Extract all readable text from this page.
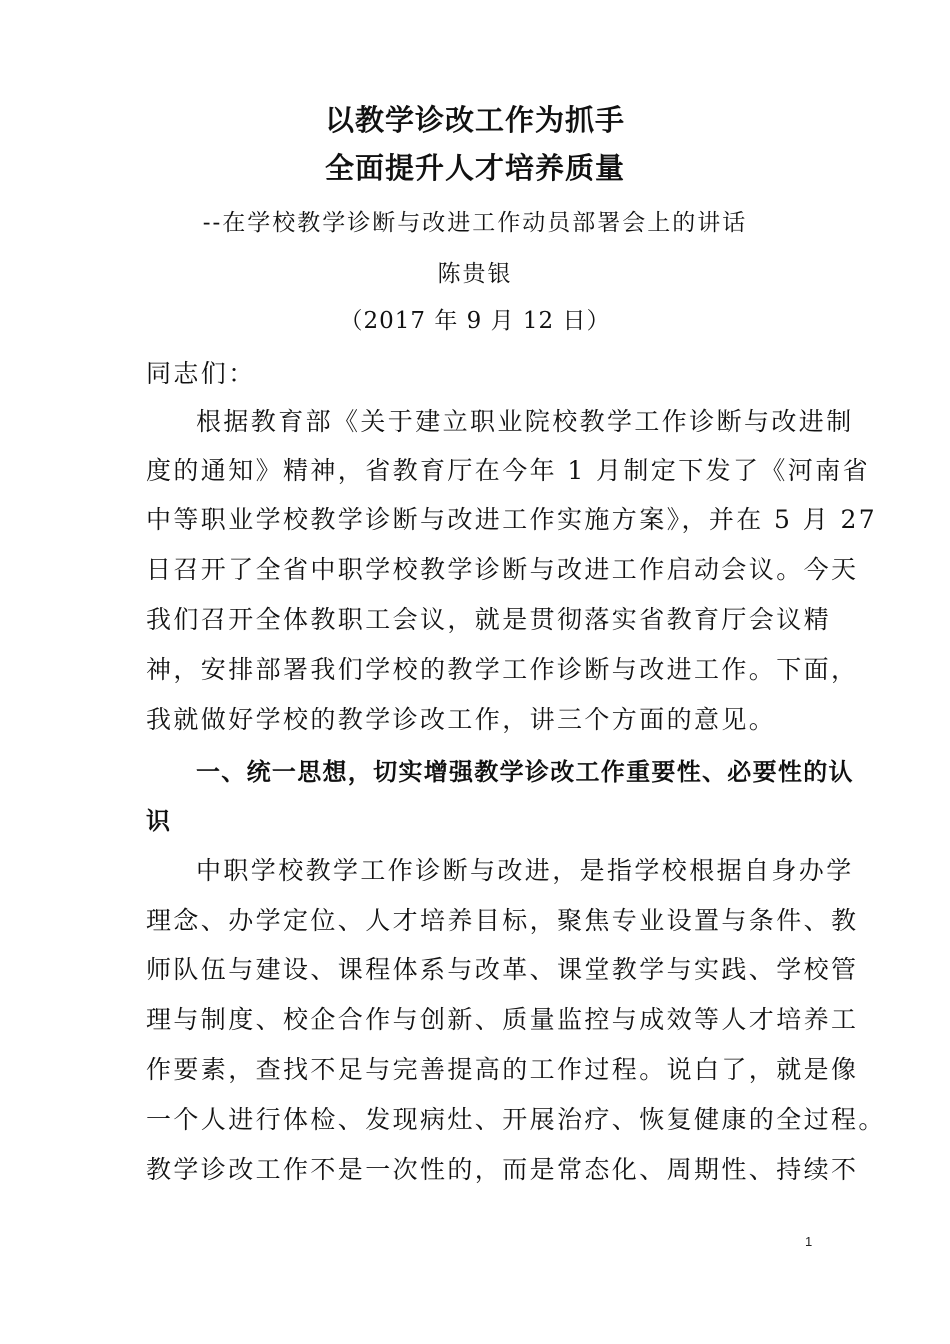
以教学诊改工作为抓手
全面提升人才培养质量
--在学校教学诊断与改进工作动员部署会上的讲话
陈贵银
（2017 年 9 月 12 日）
同志们：
根据教育部《关于建立职业院校教学工作诊断与改进制
度的通知》精神，省教育厅在今年 1 月制定下发了《河南省
中等职业学校教学诊断与改进工作实施方案》，并在 5 月 27
日召开了全省中职学校教学诊断与改进工作启动会议。今天
我们召开全体教职工会议，就是贯彻落实省教育厅会议精
神，安排部署我们学校的教学工作诊断与改进工作。下面，
我就做好学校的教学诊改工作，讲三个方面的意见。
一、统一思想，切实增强教学诊改工作重要性、必要性的认
识
中职学校教学工作诊断与改进，是指学校根据自身办学
理念、办学定位、人才培养目标，聚焦专业设置与条件、教
师队伍与建设、课程体系与改革、课堂教学与实践、学校管
理与制度、校企合作与创新、质量监控与成效等人才培养工
作要素，查找不足与完善提高的工作过程。说白了，就是像
一个人进行体检、发现病灶、开展治疗、恢复健康的全过程。
教学诊改工作不是一次性的，而是常态化、周期性、持续不
1
